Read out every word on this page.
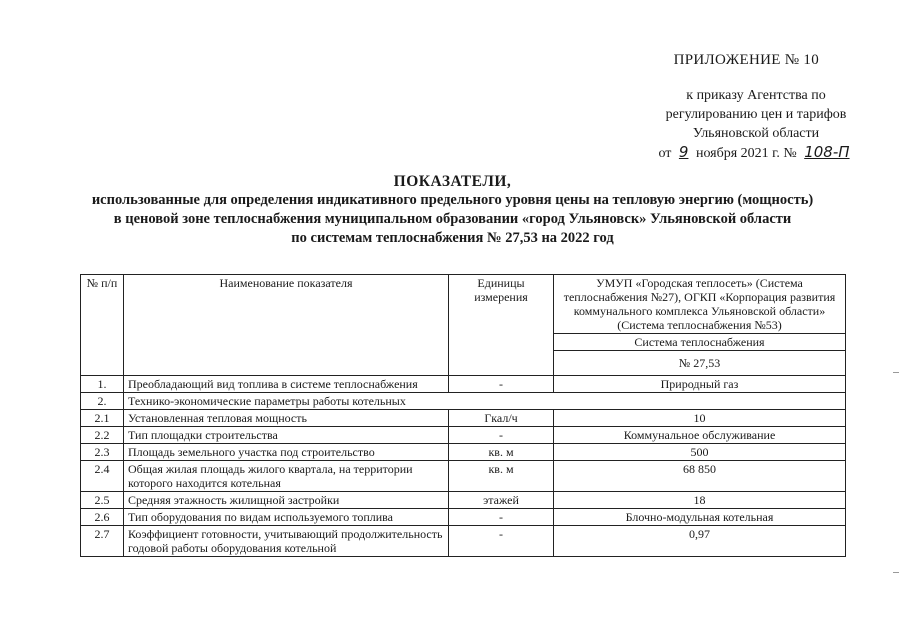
ПРИЛОЖЕНИЕ № 10
к приказу Агентства по
регулированию цен и тарифов
Ульяновской области
от 9 ноября 2021 г. № 108-П
ПОКАЗАТЕЛИ,
использованные для определения индикативного предельного уровня цены на тепловую энергию (мощность)
в ценовой зоне теплоснабжения муниципальном образовании «город Ульяновск» Ульяновской области
по системам теплоснабжения № 27,53 на 2022 год
№ п/п	Наименование показателя	Единицы измерения	УМУП «Городская теплосеть» (Система теплоснабжения №27), ОГКП «Корпорация развития коммунального комплекса Ульяновской области» (Система теплоснабжения №53)
			Система теплоснабжения
			№ 27,53
1.	Преобладающий вид топлива в системе теплоснабжения	-	Природный газ
2.	Технико-экономические параметры работы котельных		
2.1	Установленная тепловая мощность	Гкал/ч	10
2.2	Тип площадки строительства	-	Коммунальное обслуживание
2.3	Площадь земельного участка под строительство	кв. м	500
2.4	Общая жилая площадь жилого квартала, на территории которого находится котельная	кв. м	68 850
2.5	Средняя этажность жилищной застройки	этажей	18
2.6	Тип оборудования по видам используемого топлива	-	Блочно-модульная котельная
2.7	Коэффициент готовности, учитывающий продолжительность годовой работы оборудования котельной	-	0,97
